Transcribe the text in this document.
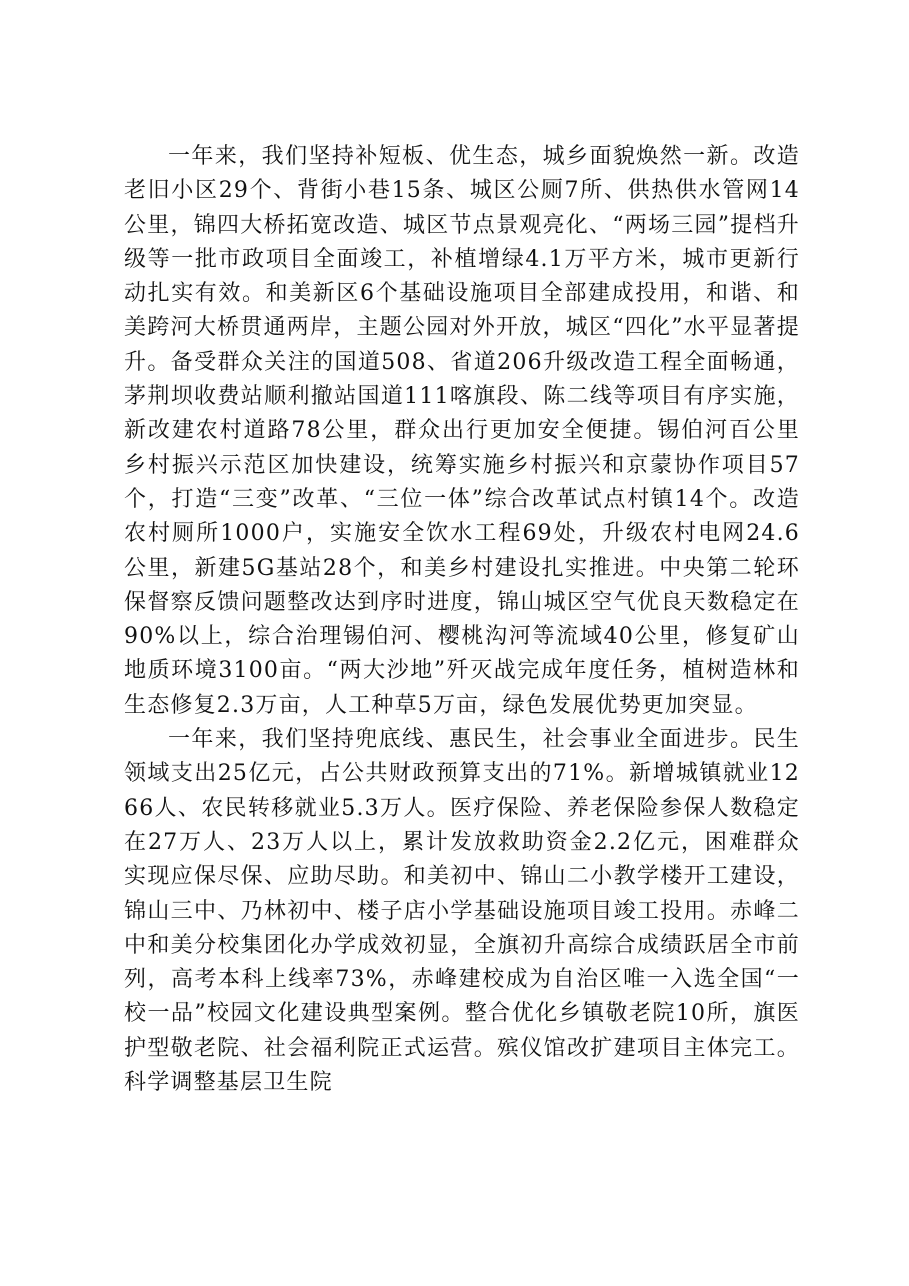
一年来，我们坚持补短板、优生态，城乡面貌焕然一新。改造老旧小区29个、背街小巷15条、城区公厕7所、供热供水管网14公里，锦四大桥拓宽改造、城区节点景观亮化、“两场三园”提档升级等一批市政项目全面竣工，补植增绿4.1万平方米，城市更新行动扎实有效。和美新区6个基础设施项目全部建成投用，和谐、和美跨河大桥贯通两岸，主题公园对外开放，城区“四化”水平显著提升。备受群众关注的国道508、省道206升级改造工程全面畅通，茅荆坝收费站顺利撤站国道111喀旗段、陈二线等项目有序实施，新改建农村道路78公里，群众出行更加安全便捷。锡伯河百公里乡村振兴示范区加快建设，统筹实施乡村振兴和京蒙协作项目57个，打造“三变”改革、“三位一体”综合改革试点村镇14个。改造农村厕所1000户，实施安全饮水工程69处，升级农村电网24.6公里，新建5G基站28个，和美乡村建设扎实推进。中央第二轮环保督察反馈问题整改达到序时进度，锦山城区空气优良天数稳定在90%以上，综合治理锡伯河、樱桃沟河等流域40公里，修复矿山地质环境3100亩。“两大沙地”歼灭战完成年度任务，植树造林和生态修复2.3万亩，人工种草5万亩，绿色发展优势更加突显。

一年来，我们坚持兜底线、惠民生，社会事业全面进步。民生领域支出25亿元，占公共财政预算支出的71%。新增城镇就业1266人、农民转移就业5.3万人。医疗保险、养老保险参保人数稳定在27万人、23万人以上，累计发放救助资金2.2亿元，困难群众实现应保尽保、应助尽助。和美初中、锦山二小教学楼开工建设，锦山三中、乃林初中、楼子店小学基础设施项目竣工投用。赤峰二中和美分校集团化办学成效初显，全旗初升高综合成绩跃居全市前列，高考本科上线率73%，赤峰建校成为自治区唯一入选全国“一校一品”校园文化建设典型案例。整合优化乡镇敬老院10所，旗医护型敬老院、社会福利院正式运营。殡仪馆改扩建项目主体完工。科学调整基层卫生院
